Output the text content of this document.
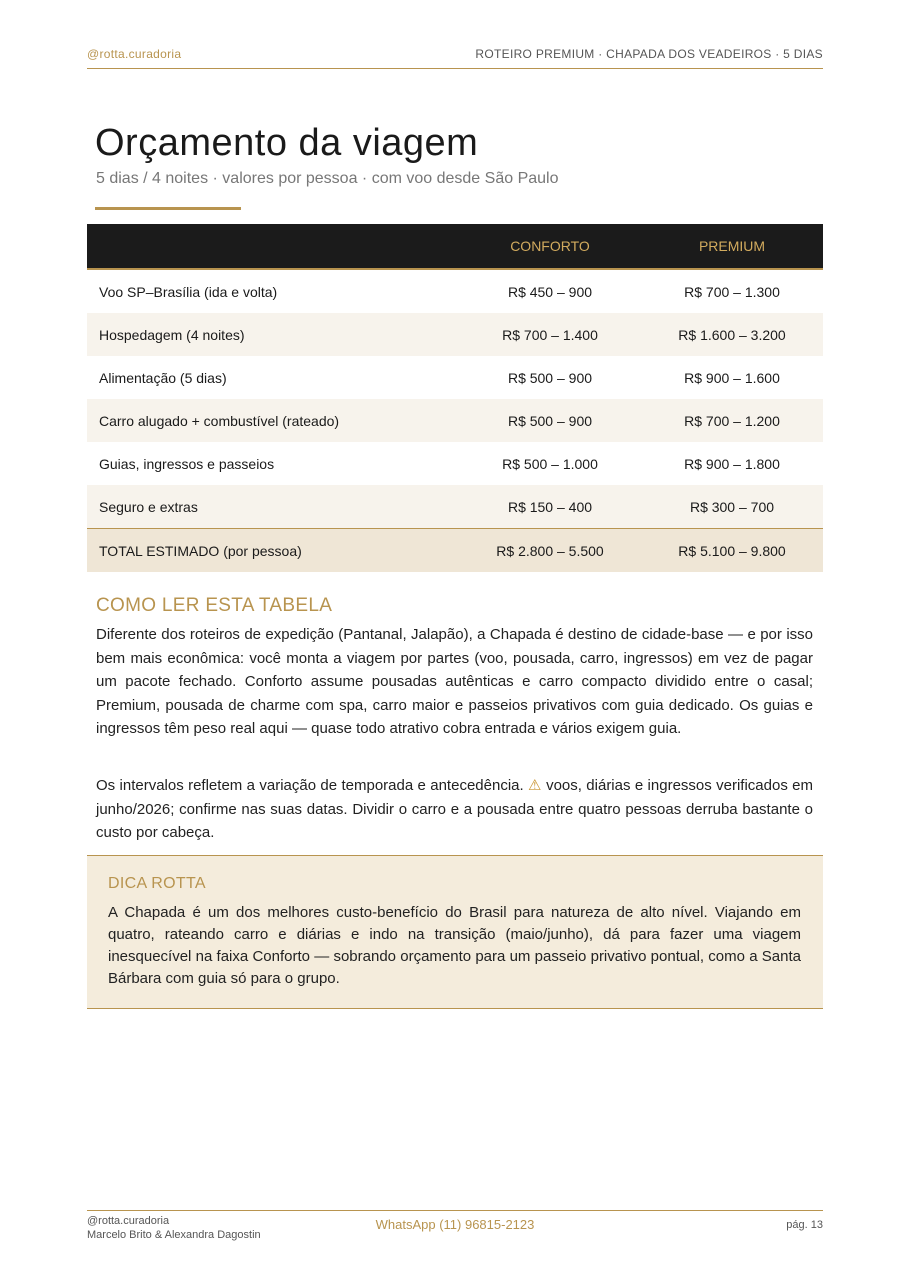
@rotta.curadoria	ROTEIRO PREMIUM · CHAPADA DOS VEADEIROS · 5 DIAS
Orçamento da viagem
5 dias / 4 noites · valores por pessoa · com voo desde São Paulo
	CONFORTO	PREMIUM
Voo SP–Brasília (ida e volta)	R$ 450 – 900	R$ 700 – 1.300
Hospedagem (4 noites)	R$ 700 – 1.400	R$ 1.600 – 3.200
Alimentação (5 dias)	R$ 500 – 900	R$ 900 – 1.600
Carro alugado + combustível (rateado)	R$ 500 – 900	R$ 700 – 1.200
Guias, ingressos e passeios	R$ 500 – 1.000	R$ 900 – 1.800
Seguro e extras	R$ 150 – 400	R$ 300 – 700
TOTAL ESTIMADO (por pessoa)	R$ 2.800 – 5.500	R$ 5.100 – 9.800
COMO LER ESTA TABELA
Diferente dos roteiros de expedição (Pantanal, Jalapão), a Chapada é destino de cidade-base — e por isso bem mais econômica: você monta a viagem por partes (voo, pousada, carro, ingressos) em vez de pagar um pacote fechado. Conforto assume pousadas autênticas e carro compacto dividido entre o casal; Premium, pousada de charme com spa, carro maior e passeios privativos com guia dedicado. Os guias e ingressos têm peso real aqui — quase todo atrativo cobra entrada e vários exigem guia.
Os intervalos refletem a variação de temporada e antecedência. ⚠ voos, diárias e ingressos verificados em junho/2026; confirme nas suas datas. Dividir o carro e a pousada entre quatro pessoas derruba bastante o custo por cabeça.
DICA ROTTA
A Chapada é um dos melhores custo-benefício do Brasil para natureza de alto nível. Viajando em quatro, rateando carro e diárias e indo na transição (maio/junho), dá para fazer uma viagem inesquecível na faixa Conforto — sobrando orçamento para um passeio privativo pontual, como a Santa Bárbara com guia só para o grupo.
@rotta.curadoria
Marcelo Brito & Alexandra Dagostin
WhatsApp (11) 96815-2123	pág. 13
